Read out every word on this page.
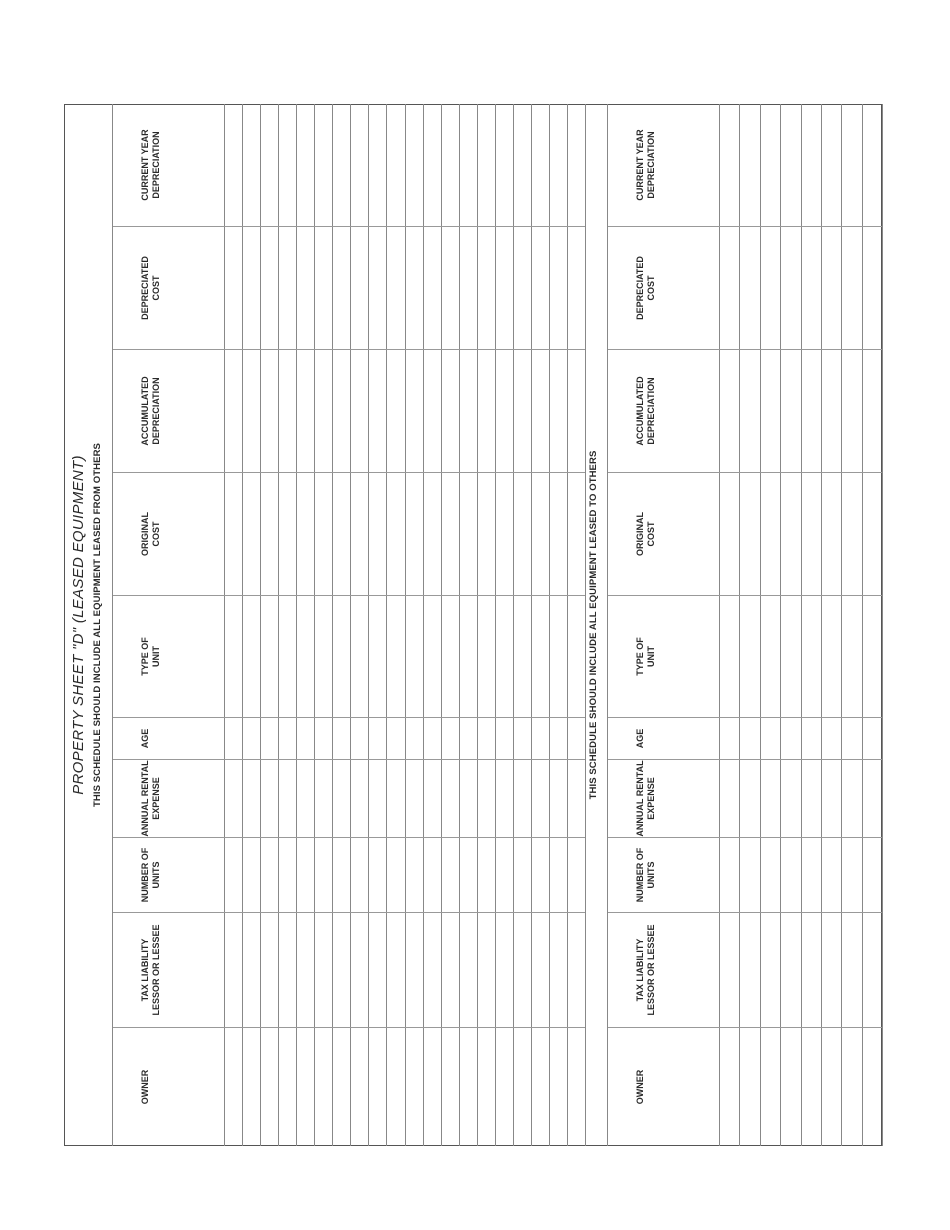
PROPERTY SHEET "D" (LEASED EQUIPMENT) THIS SCHEDULE SHOULD INCLUDE ALL EQUIPMENT LEASED FROM OTHERS
OWNER
TAX LIABILITY
LESSOR OR LESSEE
NUMBER OF
UNITS
ANNUAL RENTAL
EXPENSE
AGE
TYPE OF
UNIT
ORIGINAL
COST
ACCUMULATED
DEPRECIATION
DEPRECIATED
COST
CURRENT YEAR
DEPRECIATION
THIS SCHEDULE SHOULD INCLUDE ALL EQUIPMENT LEASED TO OTHERS
OWNER
TAX LIABILITY
LESSOR OR LESSEE
NUMBER OF
UNITS
ANNUAL RENTAL
EXPENSE
AGE
TYPE OF
UNIT
ORIGINAL
COST
ACCUMULATED
DEPRECIATION
DEPRECIATED
COST
CURRENT YEAR
DEPRECIATION
